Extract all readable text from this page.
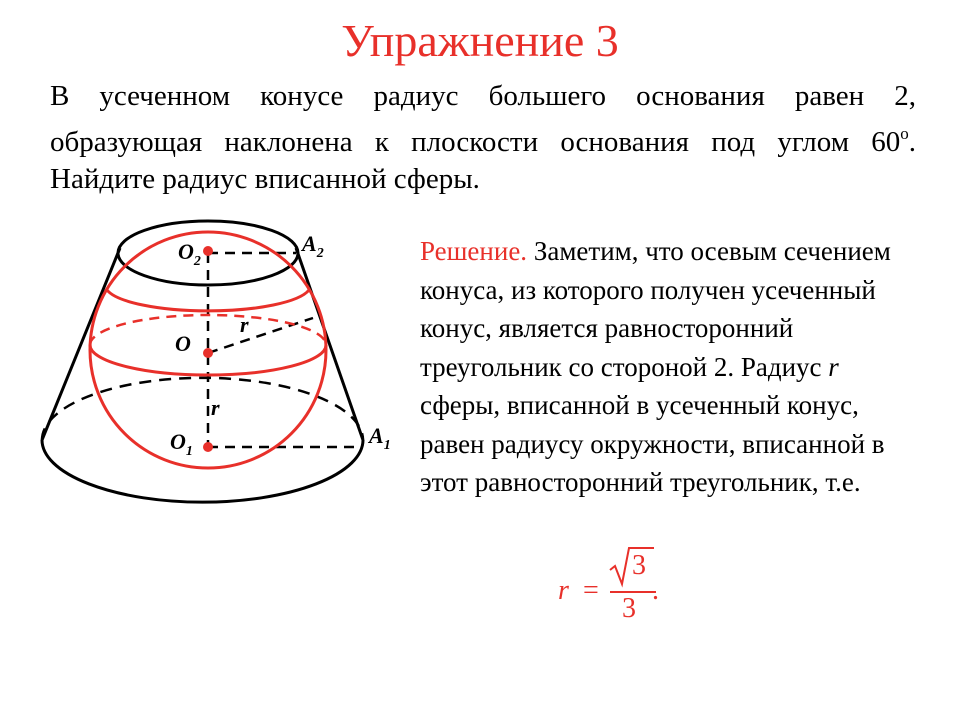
Упражнение 3
В усеченном конусе радиус большего основания равен 2,
образующая наклонена к плоскости основания под углом 60$^o$.
Найдите радиус вписанной сферы.
$O_2$
$A_2$
O
r
r
$O_1$
$A_1$
Решение. Заметим, что осевым сечением конуса, из которого получен усеченный конус, является равносторонний треугольник со стороной 2. Радиус r сферы, вписанной в усеченный конус, равен радиусу окружности, вписанной в этот равносторонний треугольник, т.е.
r =
3
3
.
